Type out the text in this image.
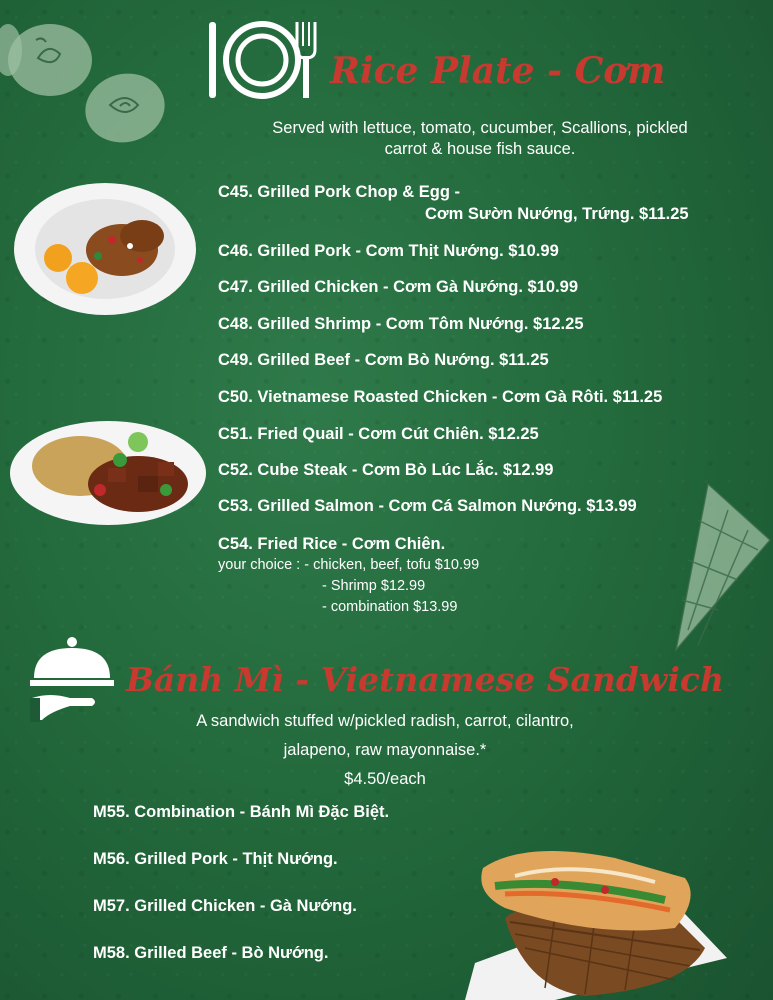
Rice Plate - Cơm
Served with lettuce, tomato, cucumber, Scallions, pickled
carrot & house fish sauce.
C45. Grilled Pork Chop & Egg -
Cơm Sườn Nướng, Trứng. $11.25
C46. Grilled Pork - Cơm Thịt Nướng. $10.99
C47. Grilled Chicken - Cơm Gà Nướng. $10.99
C48. Grilled Shrimp - Cơm Tôm Nướng. $12.25
C49. Grilled Beef - Cơm Bò Nướng. $11.25
C50. Vietnamese Roasted Chicken - Cơm Gà Rôti. $11.25
C51. Fried Quail - Cơm Cút Chiên. $12.25
C52. Cube Steak - Cơm Bò Lúc Lắc. $12.99
C53. Grilled Salmon - Cơm Cá Salmon Nướng. $13.99
C54. Fried Rice - Cơm Chiên.
your choice : - chicken, beef, tofu $10.99
- Shrimp $12.99
- combination $13.99
Bánh Mì - Vietnamese Sandwich
A sandwich stuffed w/pickled radish, carrot, cilantro,
jalapeno, raw mayonnaise.*
$4.50/each
M55. Combination - Bánh Mì Đặc Biệt.
M56. Grilled Pork - Thịt Nướng.
M57. Grilled Chicken - Gà Nướng.
M58. Grilled Beef - Bò Nướng.
